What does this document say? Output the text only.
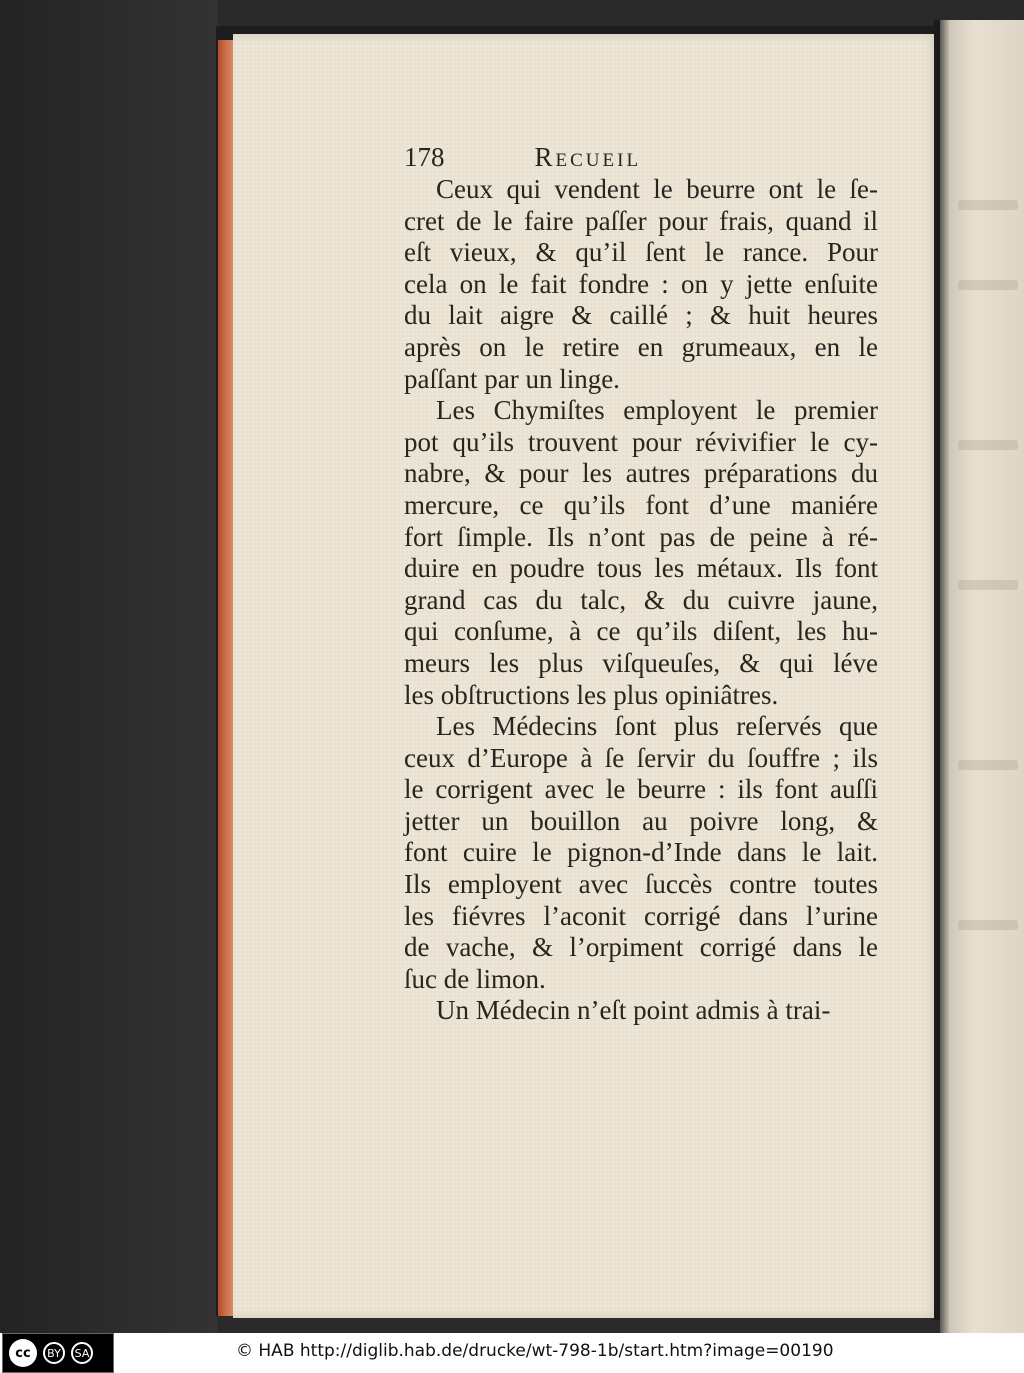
178	Recueil
Ceux qui vendent le beurre ont le ſe-
cret de le faire paſſer pour frais, quand il
eſt vieux, & qu’il ſent le rance. Pour
cela on le fait fondre : on y jette enſuite
du lait aigre & caillé ; & huit heures
après on le retire en grumeaux, en le
paſſant par un linge.
Les Chymiſtes employent le premier
pot qu’ils trouvent pour révivifier le cy-
nabre, & pour les autres préparations du
mercure, ce qu’ils font d’une maniére
fort ſimple. Ils n’ont pas de peine à ré-
duire en poudre tous les métaux. Ils font
grand cas du talc, & du cuivre jaune,
qui conſume, à ce qu’ils diſent, les hu-
meurs les plus viſqueuſes, & qui léve
les obſtructions les plus opiniâtres.
Les Médecins ſont plus reſervés que
ceux d’Europe à ſe ſervir du ſouffre ; ils
le corrigent avec le beurre : ils font auſſi
jetter un bouillon au poivre long, &
font cuire le pignon-d’Inde dans le lait.
Ils employent avec ſuccès contre toutes
les fiévres l’aconit corrigé dans l’urine
de vache, & l’orpiment corrigé dans le
ſuc de limon.
Un Médecin n’eſt point admis à trai-
cc	BY	SA	© HAB http://diglib.hab.de/drucke/wt-798-1b/start.htm?image=00190
